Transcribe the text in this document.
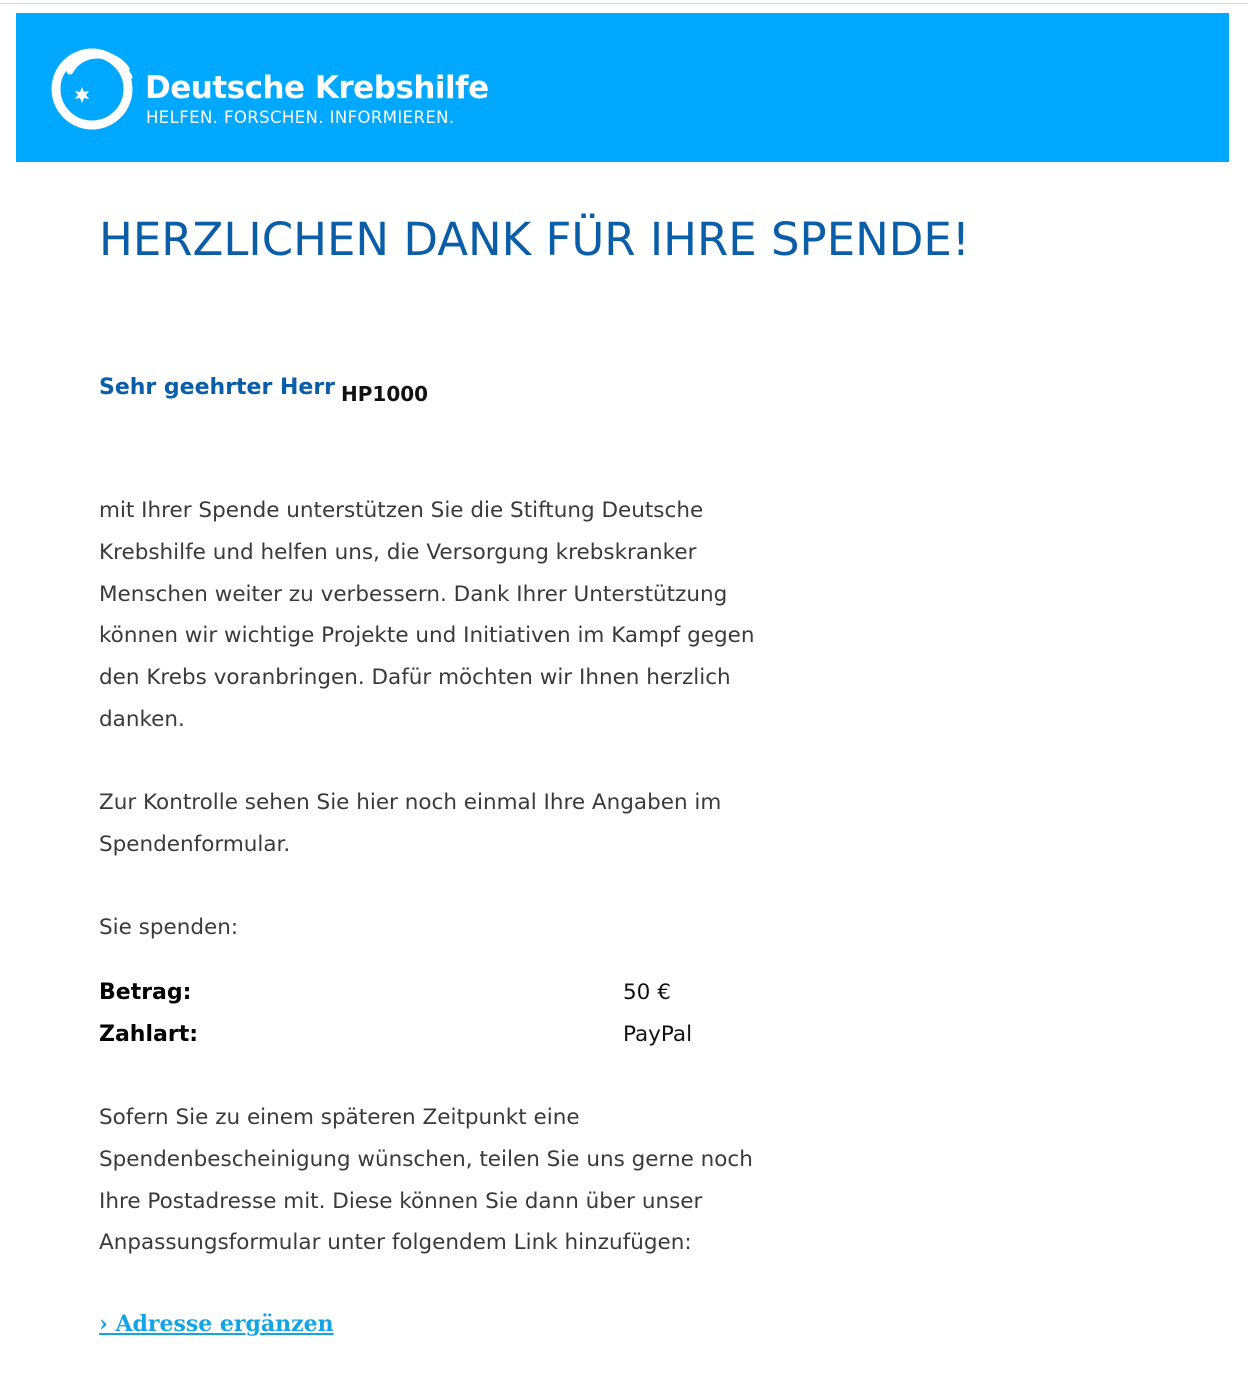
Deutsche Krebshilfe
HELFEN. FORSCHEN. INFORMIEREN.
HERZLICHEN DANK FÜR IHRE SPENDE!
Sehr geehrter Herr HP1000

mit Ihrer Spende unterstützen Sie die Stiftung Deutsche Krebshilfe und helfen uns, die Versorgung krebskranker Menschen weiter zu verbessern. Dank Ihrer Unterstützung können wir wichtige Projekte und Initiativen im Kampf gegen den Krebs voranbringen. Dafür möchten wir Ihnen herzlich danken.

Zur Kontrolle sehen Sie hier noch einmal Ihre Angaben im Spendenformular.

Sie spenden:

Betrag:	50 €
Zahlart:	PayPal

Sofern Sie zu einem späteren Zeitpunkt eine Spendenbescheinigung wünschen, teilen Sie uns gerne noch Ihre Postadresse mit. Diese können Sie dann über unser Anpassungsformular unter folgendem Link hinzufügen:

› Adresse ergänzen
